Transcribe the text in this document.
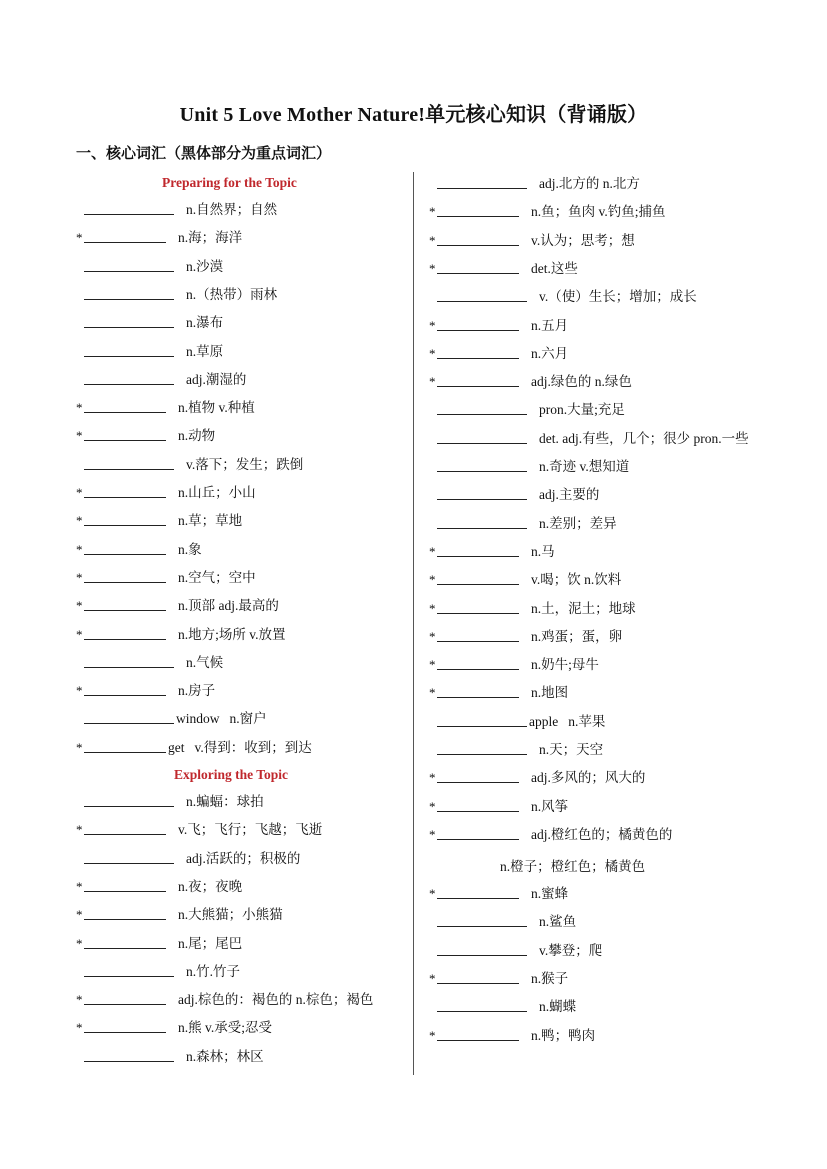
Unit 5 Love Mother Nature!单元核心知识（背诵版）
一、核心词汇（黑体部分为重点词汇）
Preparing for the Topic
Exploring the Topic
n.自然界；自然
*	n.海；海洋
n.沙漠
n.（热带）雨林
n.瀑布
n.草原
adj.潮湿的
*	n.植物 v.种植
*	n.动物
v.落下；发生；跌倒
*	n.山丘；小山
*	n.草；草地
*	n.象
*	n.空气；空中
*	n.顶部 adj.最高的
*	n.地方;场所 v.放置
n.气候
*	n.房子
window n.窗户
*	get v.得到：收到；到达
n.蝙蝠：球拍
*	v.飞；飞行；飞越；飞逝
adj.活跃的；积极的
*	n.夜；夜晚
*	n.大熊猫；小熊猫
*	n.尾；尾巴
n.竹.竹子
*	adj.棕色的：褐色的 n.棕色；褐色
*	n.熊 v.承受;忍受
n.森林；林区
n.橙子；橙红色；橘黄色
adj.北方的 n.北方
*	n.鱼；鱼肉 v.钓鱼;捕鱼
*	v.认为；思考；想
*	det.这些
v.（使）生长；增加；成长
*	n.五月
*	n.六月
*	adj.绿色的 n.绿色
pron.大量;充足
det. adj.有些，几个；很少 pron.一些
n.奇迹 v.想知道
adj.主要的
n.差别；差异
*	n.马
*	v.喝；饮 n.饮料
*	n.土，泥土；地球
*	n.鸡蛋；蛋，卵
*	n.奶牛;母牛
*	n.地图
apple n.苹果
n.天；天空
*	adj.多风的；风大的
*	n.风筝
*	adj.橙红色的；橘黄色的
*	n.蜜蜂
n.鲨鱼
v.攀登；爬
*	n.猴子
n.蝴蝶
*	n.鸭；鸭肉
